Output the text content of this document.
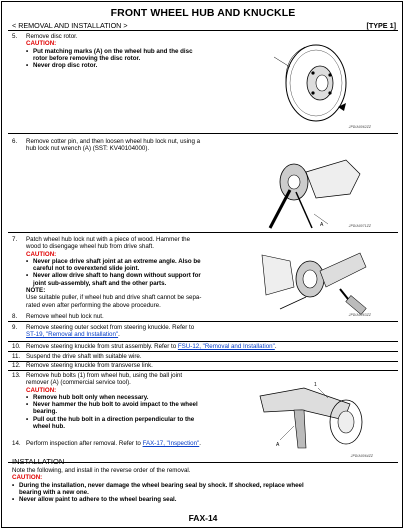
FRONT WHEEL HUB AND KNUCKLE
< REMOVAL AND INSTALLATION >	[TYPE 1]
5.	Remove disc rotor.
CAUTION:
• Put matching marks (A) on the wheel hub and the disc
rotor before removing the disc rotor.
• Never drop disc rotor.
JPDIA0062ZZ
6.	Remove cotter pin, and then loosen wheel hub lock nut, using a
hub lock nut wrench (A) (SST: KV40104000).
A	JPDIA0071ZZ
7.	Patch wheel hub lock nut with a piece of wood. Hammer the
wood to disengage wheel hub from drive shaft.
CAUTION:
• Never place drive shaft joint at an extreme angle. Also be
careful not to overextend slide joint.
• Never allow drive shaft to hang down without support for
joint sub-assembly, shaft and the other parts.
NOTE:
Use suitable puller, if wheel hub and drive shaft cannot be sepa-
rated even after performing the above procedure.
JPDIA0063ZZ
8.	Remove wheel hub lock nut.
9.	Remove steering outer socket from steering knuckle. Refer to
ST-19, "Removal and Installation".
10. Remove steering knuckle from strut assembly. Refer to FSU-12, "Removal and Installation".
11. Suspend the drive shaft with suitable wire.
12. Remove steering knuckle from transverse link.
13. Remove hub bolts (1) from wheel hub, using the ball joint
remover (A) (commercial service tool).
CAUTION:
• Remove hub bolt only when necessary.
• Never hammer the hub bolt to avoid impact to the wheel
bearing.
• Pull out the hub bolt in a direction perpendicular to the
wheel hub.
A
1
JPDIA0064ZZ
14. Perform inspection after removal. Refer to FAX-17, "Inspection".
INSTALLATION
Note the following, and install in the reverse order of the removal.
CAUTION:
• During the installation, never damage the wheel bearing seal by shock. If shocked, replace wheel
bearing with a new one.
• Never allow paint to adhere to the wheel bearing seal.
FAX-14
